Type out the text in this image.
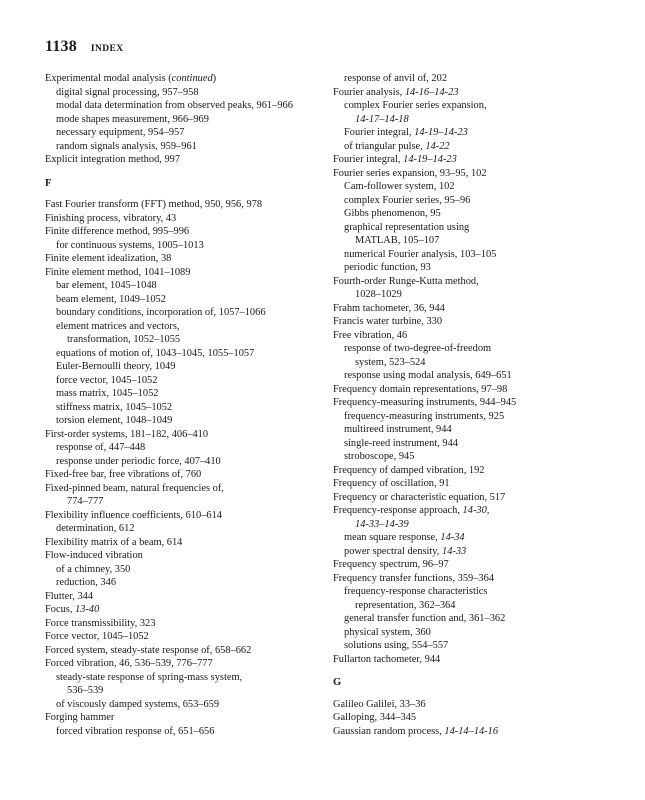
1138 INDEX
Experimental modal analysis (continued)
digital signal processing, 957–958
modal data determination from observed peaks, 961–966
mode shapes measurement, 966–969
necessary equipment, 954–957
random signals analysis, 959–961
Explicit integration method, 997
F
Fast Fourier transform (FFT) method, 950, 956, 978
Finishing process, vibratory, 43
Finite difference method, 995–996
for continuous systems, 1005–1013
Finite element idealization, 38
Finite element method, 1041–1089
bar element, 1045–1048
beam element, 1049–1052
boundary conditions, incorporation of, 1057–1066
element matrices and vectors,
transformation, 1052–1055
equations of motion of, 1043–1045, 1055–1057
Euler-Bernoulli theory, 1049
force vector, 1045–1052
mass matrix, 1045–1052
stiffness matrix, 1045–1052
torsion element, 1048–1049
First-order systems, 181–182, 406–410
response of, 447–448
response under periodic force, 407–410
Fixed-free bar, free vibrations of, 760
Fixed-pinned beam, natural frequencies of,
774–777
Flexibility influence coefficients, 610–614
determination, 612
Flexibility matrix of a beam, 614
Flow-induced vibration
of a chimney, 350
reduction, 346
Flutter, 344
Focus, 13-40
Force transmissibility, 323
Force vector, 1045–1052
Forced system, steady-state response of, 658–662
Forced vibration, 46, 536–539, 776–777
steady-state response of spring-mass system,
536–539
of viscously damped systems, 653–659
Forging hammer
forced vibration response of, 651–656
response of anvil of, 202
Fourier analysis, 14-16–14-23
complex Fourier series expansion,
14-17–14-18
Fourier integral, 14-19–14-23
of triangular pulse, 14-22
Fourier integral, 14-19–14-23
Fourier series expansion, 93–95, 102
Cam-follower system, 102
complex Fourier series, 95–96
Gibbs phenomenon, 95
graphical representation using
MATLAB, 105–107
numerical Fourier analysis, 103–105
periodic function, 93
Fourth-order Runge-Kutta method,
1028–1029
Frahm tachometer, 36, 944
Francis water turbine, 330
Free vibration, 46
response of two-degree-of-freedom
system, 523–524
response using modal analysis, 649–651
Frequency domain representations, 97–98
Frequency-measuring instruments, 944–945
frequency-measuring instruments, 925
multireed instrument, 944
single-reed instrument, 944
stroboscope, 945
Frequency of damped vibration, 192
Frequency of oscillation, 91
Frequency or characteristic equation, 517
Frequency-response approach, 14-30,
14-33–14-39
mean square response, 14-34
power spectral density, 14-33
Frequency spectrum, 96–97
Frequency transfer functions, 359–364
frequency-response characteristics
representation, 362–364
general transfer function and, 361–362
physical system, 360
solutions using, 554–557
Fullarton tachometer, 944
G
Galileo Galilei, 33–36
Galloping, 344–345
Gaussian random process, 14-14–14-16
